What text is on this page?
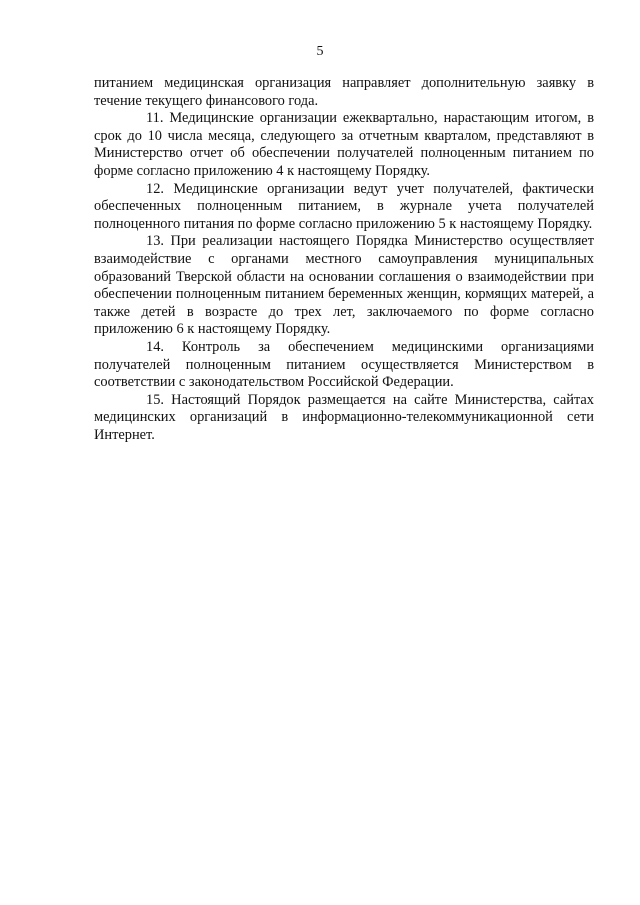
5

питанием медицинская организация направляет дополнительную заявку в течение текущего финансового года.

11. Медицинские организации ежеквартально, нарастающим итогом, в срок до 10 числа месяца, следующего за отчетным кварталом, представляют в Министерство отчет об обеспечении получателей полноценным питанием по форме согласно приложению 4 к настоящему Порядку.

12. Медицинские организации ведут учет получателей, фактически обеспеченных полноценным питанием, в журнале учета получателей полноценного питания по форме согласно приложению 5 к настоящему Порядку.

13. При реализации настоящего Порядка Министерство осуществляет взаимодействие с органами местного самоуправления муниципальных образований Тверской области на основании соглашения о взаимодействии при обеспечении полноценным питанием беременных женщин, кормящих матерей, а также детей в возрасте до трех лет, заключаемого по форме согласно приложению 6 к настоящему Порядку.

14. Контроль за обеспечением медицинскими организациями получателей полноценным питанием осуществляется Министерством в соответствии с законодательством Российской Федерации.

15. Настоящий Порядок размещается на сайте Министерства, сайтах медицинских организаций в информационно-телекоммуникационной сети Интернет.
